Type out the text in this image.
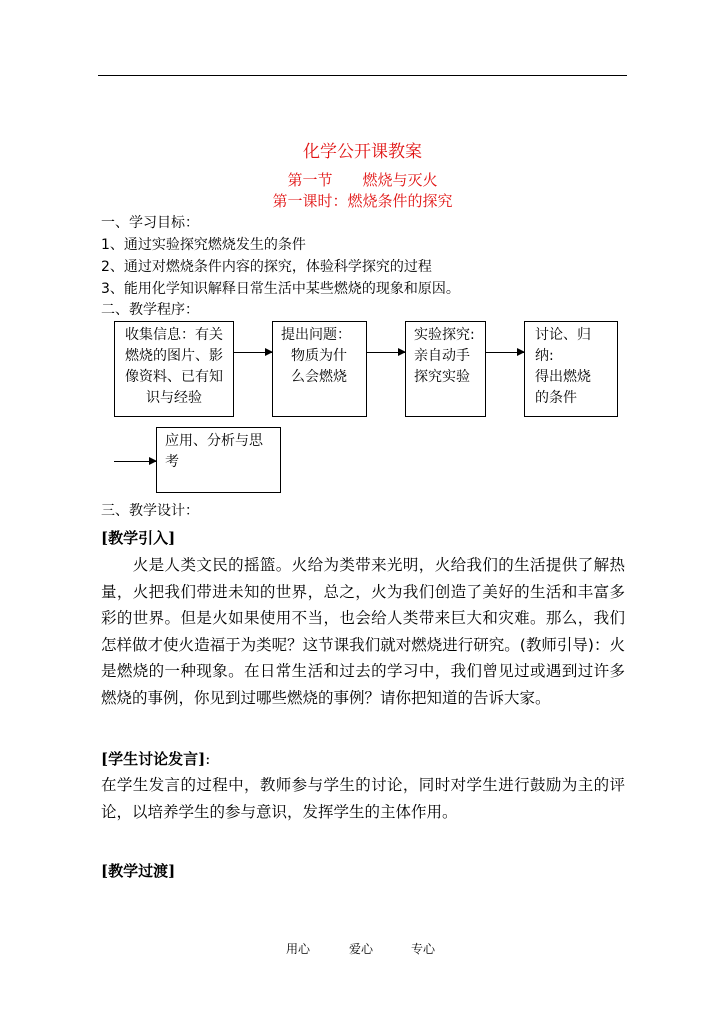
化学公开课教案
第一节 燃烧与灭火
第一课时：燃烧条件的探究
一、学习目标：
1、通过实验探究燃烧发生的条件
2、通过对燃烧条件内容的探究，体验科学探究的过程
3、能用化学知识解释日常生活中某些燃烧的现象和原因。
二、教学程序：
收集信息：有关
燃烧的图片、影
像资料、已有知
识与经验
提出问题：
物质为什
么会燃烧
实验探究:
亲自动手
探究实验
讨论、归纳:
得出燃烧
的条件
应用、分析与思
考
三、教学设计：
[教学引入]
　　火是人类文民的摇篮。火给为类带来光明，火给我们的生活提供了解热量，火把我们带进未知的世界，总之，火为我们创造了美好的生活和丰富多彩的世界。但是火如果使用不当，也会给人类带来巨大和灾难。那么，我们怎样做才使火造福于为类呢？这节课我们就对燃烧进行研究。(教师引导)：火是燃烧的一种现象。在日常生活和过去的学习中，我们曾见过或遇到过许多燃烧的事例，你见到过哪些燃烧的事例？请你把知道的告诉大家。
[学生讨论发言]:
在学生发言的过程中，教师参与学生的讨论，同时对学生进行鼓励为主的评论，以培养学生的参与意识，发挥学生的主体作用。
[教学过渡]
用心	爱心	专心
